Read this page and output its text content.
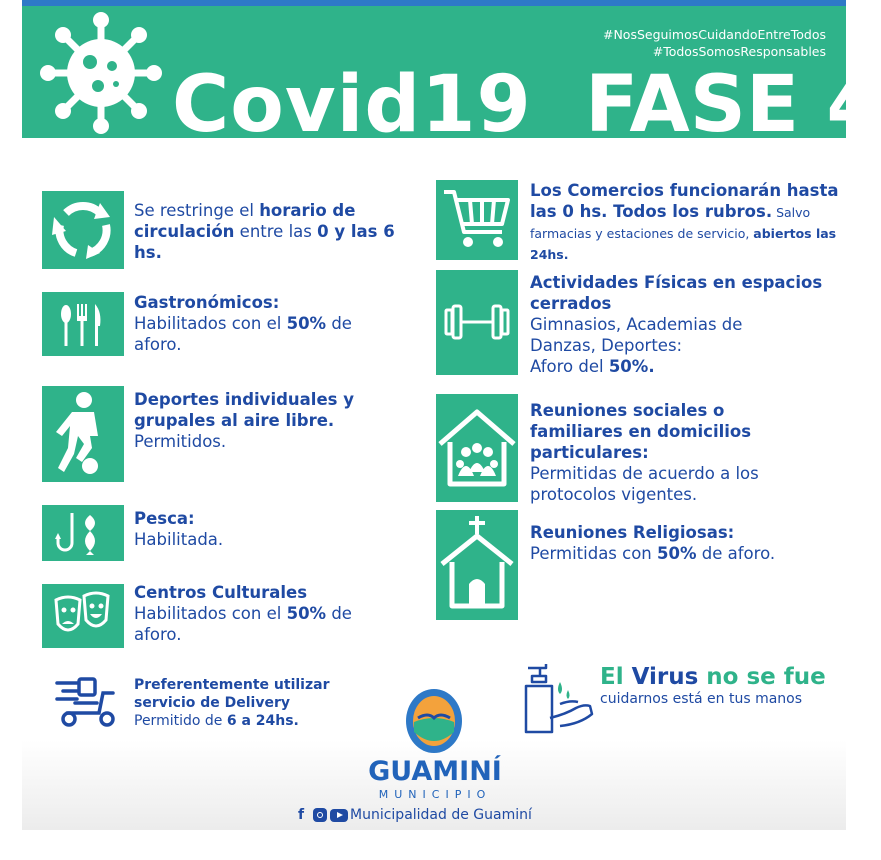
#NosSeguimosCuidandoEntreTodos
#TodosSomosResponsables
Covid19 FASE 4
Se restringe el horario de circulación entre las 0 y las 6 hs.
Gastronómicos:
Habilitados con el 50% de aforo.
Deportes individuales y grupales al aire libre.
Permitidos.
Pesca:
Habilitada.
Centros Culturales
Habilitados con el 50% de aforo.
Preferentemente utilizar servicio de Delivery
Permitido de 6 a 24hs.
Los Comercios funcionarán hasta las 0 hs. Todos los rubros. Salvo farmacias y estaciones de servicio, abiertos las 24hs.
Actividades Físicas en espacios cerrados
Gimnasios, Academias de Danzas, Deportes:
Aforo del 50%.
Reuniones sociales o familiares en domicilios particulares:
Permitidas de acuerdo a los protocolos vigentes.
Reuniones Religiosas:
Permitidas con 50% de aforo.
El Virus no se fue
cuidarnos está en tus manos
GUAMINÍ
MUNICIPIO
f	Municipalidad de Guaminí
